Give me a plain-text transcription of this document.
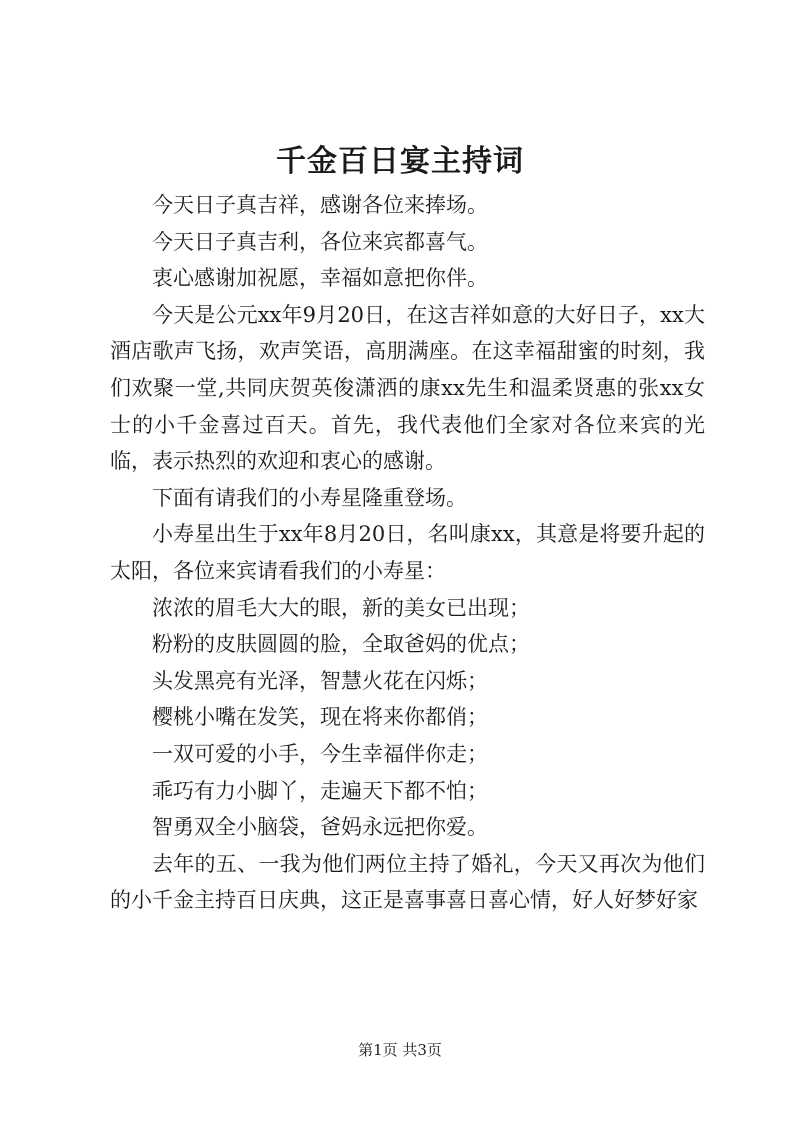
千金百日宴主持词

今天日子真吉祥，感谢各位来捧场。

今天日子真吉利，各位来宾都喜气。

衷心感谢加祝愿，幸福如意把你伴。

今天是公元xx年9月20日，在这吉祥如意的大好日子，xx大酒店歌声飞扬，欢声笑语，高朋满座。在这幸福甜蜜的时刻，我们欢聚一堂,共同庆贺英俊潇洒的康xx先生和温柔贤惠的张xx女士的小千金喜过百天。首先，我代表他们全家对各位来宾的光临，表示热烈的欢迎和衷心的感谢。

下面有请我们的小寿星隆重登场。

小寿星出生于xx年8月20日，名叫康xx，其意是将要升起的太阳，各位来宾请看我们的小寿星：

浓浓的眉毛大大的眼，新的美女已出现；

粉粉的皮肤圆圆的脸，全取爸妈的优点；

头发黑亮有光泽，智慧火花在闪烁；

樱桃小嘴在发笑，现在将来你都俏；

一双可爱的小手，今生幸福伴你走；

乖巧有力小脚丫，走遍天下都不怕；

智勇双全小脑袋，爸妈永远把你爱。

去年的五、一我为他们两位主持了婚礼，今天又再次为他们的小千金主持百日庆典，这正是喜事喜日喜心情，好人好梦好家

第1页 共3页
